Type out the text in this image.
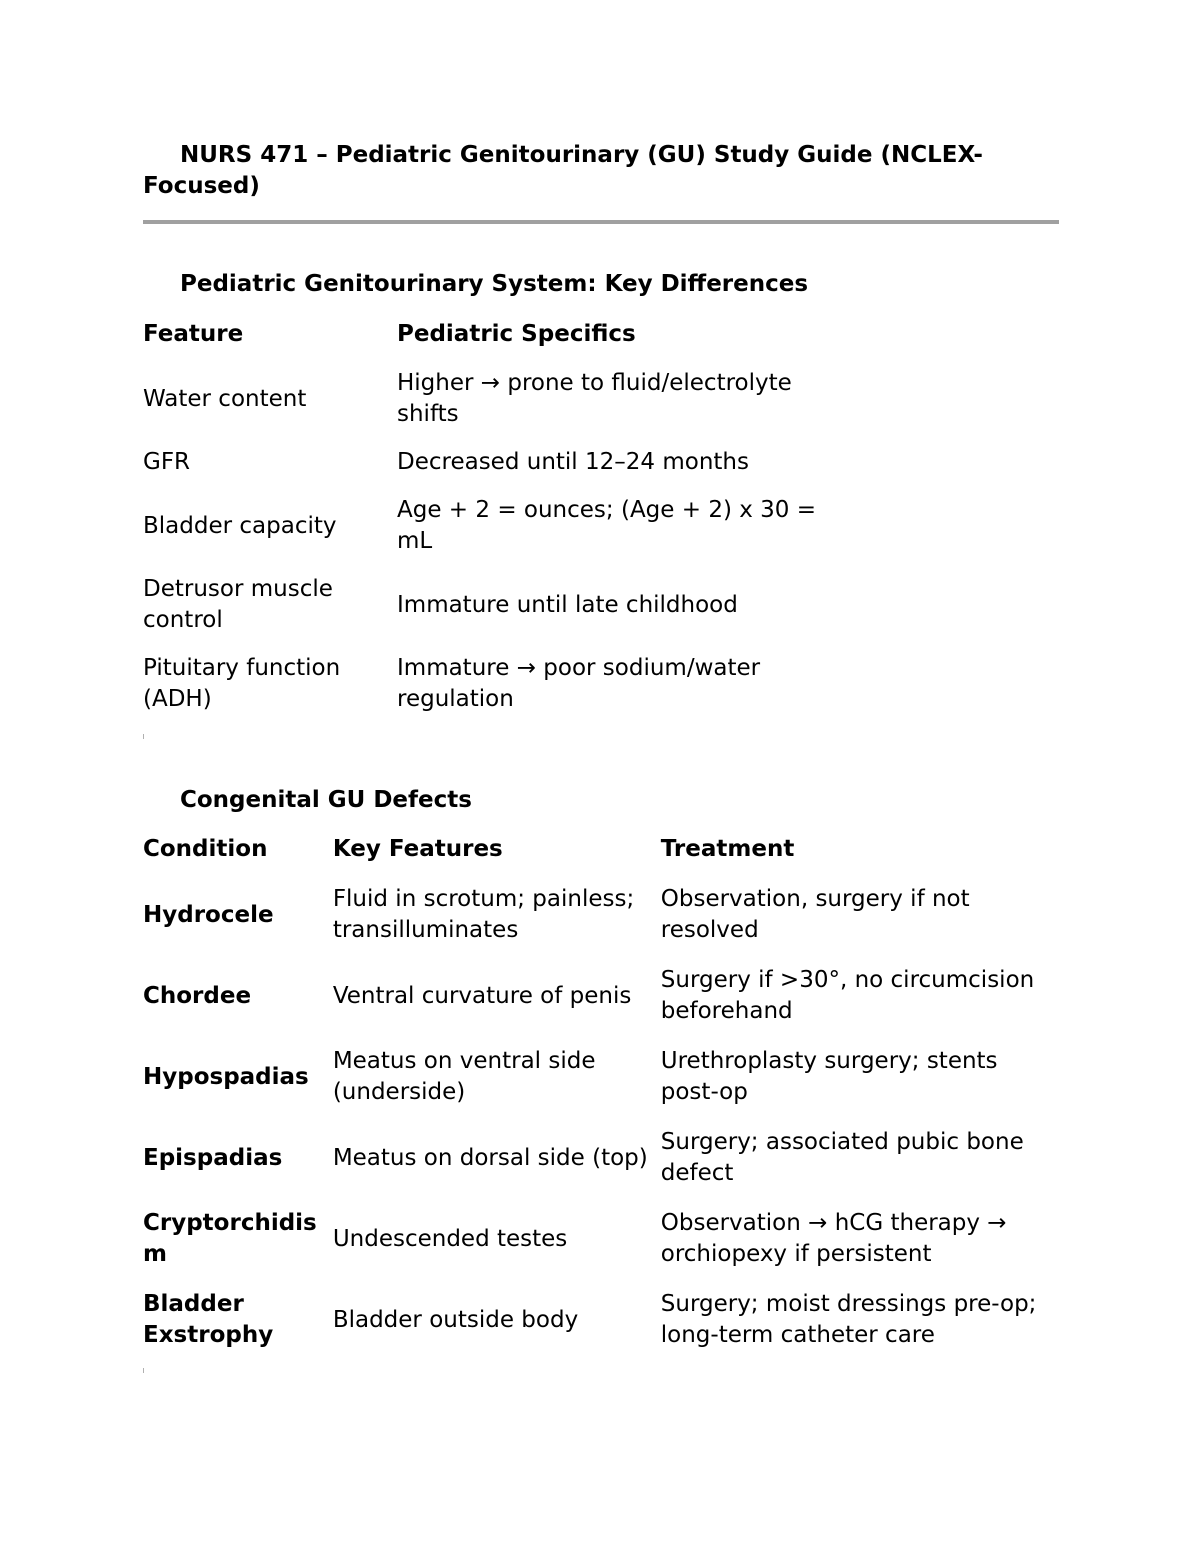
NURS 471 – Pediatric Genitourinary (GU) Study Guide (NCLEX-Focused)
Pediatric Genitourinary System: Key Differences
Feature	Pediatric Specifics
Water content	Higher → prone to fluid/electrolyte shifts
GFR	Decreased until 12–24 months
Bladder capacity	Age + 2 = ounces; (Age + 2) x 30 = mL
Detrusor muscle control	Immature until late childhood
Pituitary function (ADH)	Immature → poor sodium/water regulation
Congenital GU Defects
Condition	Key Features	Treatment
Hydrocele	Fluid in scrotum; painless; transilluminates	Observation, surgery if not resolved
Chordee	Ventral curvature of penis	Surgery if >30°, no circumcision beforehand
Hypospadias	Meatus on ventral side (underside)	Urethroplasty surgery; stents post-op
Epispadias	Meatus on dorsal side (top)	Surgery; associated pubic bone defect
Cryptorchidism	Undescended testes	Observation → hCG therapy → orchiopexy if persistent
Bladder Exstrophy	Bladder outside body	Surgery; moist dressings pre-op; long-term catheter care
